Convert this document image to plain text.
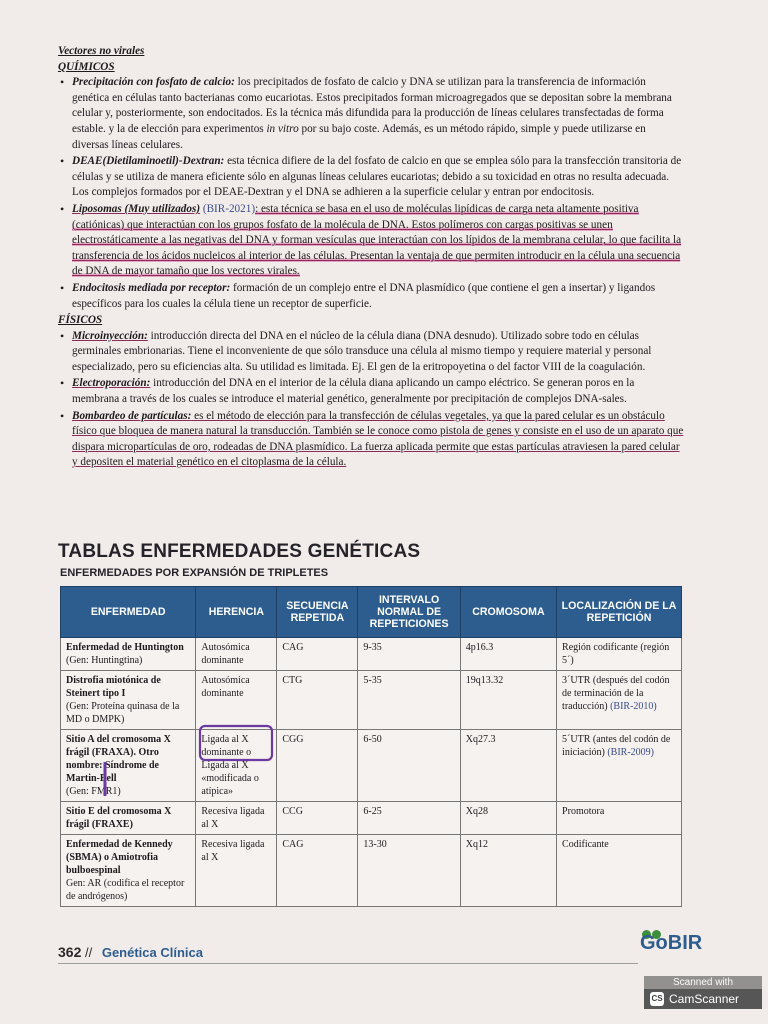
Vectores no virales
QUÍMICOS
• Precipitación con fosfato de calcio: los precipitados de fosfato de calcio y DNA se utilizan para la transferencia de información genética en células tanto bacterianas como eucariotas. Estos precipitados forman microagregados que se depositan sobre la membrana celular y, posteriormente, son endocitados. Es la técnica más difundida para la producción de líneas celulares transfectadas de forma estable. y la de elección para experimentos in vitro por su bajo coste. Además, es un método rápido, simple y puede utilizarse en diversas líneas celulares.
• DEAE(Dietilaminoetil)-Dextran: esta técnica difiere de la del fosfato de calcio en que se emplea sólo para la transfección transitoria de células y se utiliza de manera eficiente sólo en algunas líneas celulares eucariotas; debido a su toxicidad en otras no resulta adecuada. Los complejos formados por el DEAE-Dextran y el DNA se adhieren a la superficie celular y entran por endocitosis.
• Liposomas (Muy utilizados) (BIR-2021): esta técnica se basa en el uso de moléculas lipídicas de carga neta altamente positiva (catiónicas) que interactúan con los grupos fosfato de la molécula de DNA. Estos polímeros con cargas positivas se unen electrostáticamente a las negativas del DNA y forman vesículas que interactúan con los lípidos de la membrana celular, lo que facilita la transferencia de los ácidos nucleicos al interior de las células. Presentan la ventaja de que permiten introducir en la célula una secuencia de DNA de mayor tamaño que los vectores virales.
• Endocitosis mediada por receptor: formación de un complejo entre el DNA plasmídico (que contiene el gen a insertar) y ligandos específicos para los cuales la célula tiene un receptor de superficie.
FÍSICOS
• Microinyección: introducción directa del DNA en el núcleo de la célula diana (DNA desnudo). Utilizado sobre todo en células germinales embrionarias. Tiene el inconveniente de que sólo transduce una célula al mismo tiempo y requiere material y personal especializado, pero su eficiencias alta. Su utilidad es limitada. Ej. El gen de la eritropoyetina o del factor VIII de la coagulación.
• Electroporación: introducción del DNA en el interior de la célula diana aplicando un campo eléctrico. Se generan poros en la membrana a través de los cuales se introduce el material genético, generalmente por precipitación de complejos DNA-sales.
• Bombardeo de partículas: es el método de elección para la transfección de células vegetales, ya que la pared celular es un obstáculo físico que bloquea de manera natural la transducción. También se le conoce como pistola de genes y consiste en el uso de un aparato que dispara micropartículas de oro, rodeadas de DNA plasmídico. La fuerza aplicada permite que estas partículas atraviesen la pared celular y depositen el material genético en el citoplasma de la célula.
TABLAS ENFERMEDADES GENÉTICAS
ENFERMEDADES POR EXPANSIÓN DE TRIPLETES
ENFERMEDAD	HERENCIA	SECUENCIA REPETIDA	INTERVALO NORMAL DE REPETICIONES	CROMOSOMA	LOCALIZACIÓN DE LA REPETICIÓN
Enfermedad de Huntington
(Gen: Huntingtina)	Autosómica dominante	CAG	9-35	4p16.3	Región codificante (región 5´)
Distrofia miotónica de Steinert tipo I
(Gen: Proteína quinasa de la MD o DMPK)	Autosómica dominante	CTG	5-35	19q13.32	3´UTR (después del codón de terminación de la traducción) (BIR-2010)
Sitio A del cromosoma X frágil (FRAXA). Otro nombre: Síndrome de Martin-Bell
(Gen: FMR1)	Ligada al X dominante o Ligada al X «modificada o atípica»	CGG	6-50	Xq27.3	5´UTR (antes del codón de iniciación) (BIR-2009)
Sitio E del cromosoma X frágil (FRAXE)	Recesiva ligada al X	CCG	6-25	Xq28	Promotora
Enfermedad de Kennedy (SBMA) o Amiotrofia bulboespinal
Gen: AR (codifica el receptor de andrógenos)	Recesiva ligada al X	CAG	13-30	Xq12	Codificante
362 // Genética Clínica	GoBIR
Scanned with
CS CamScanner
